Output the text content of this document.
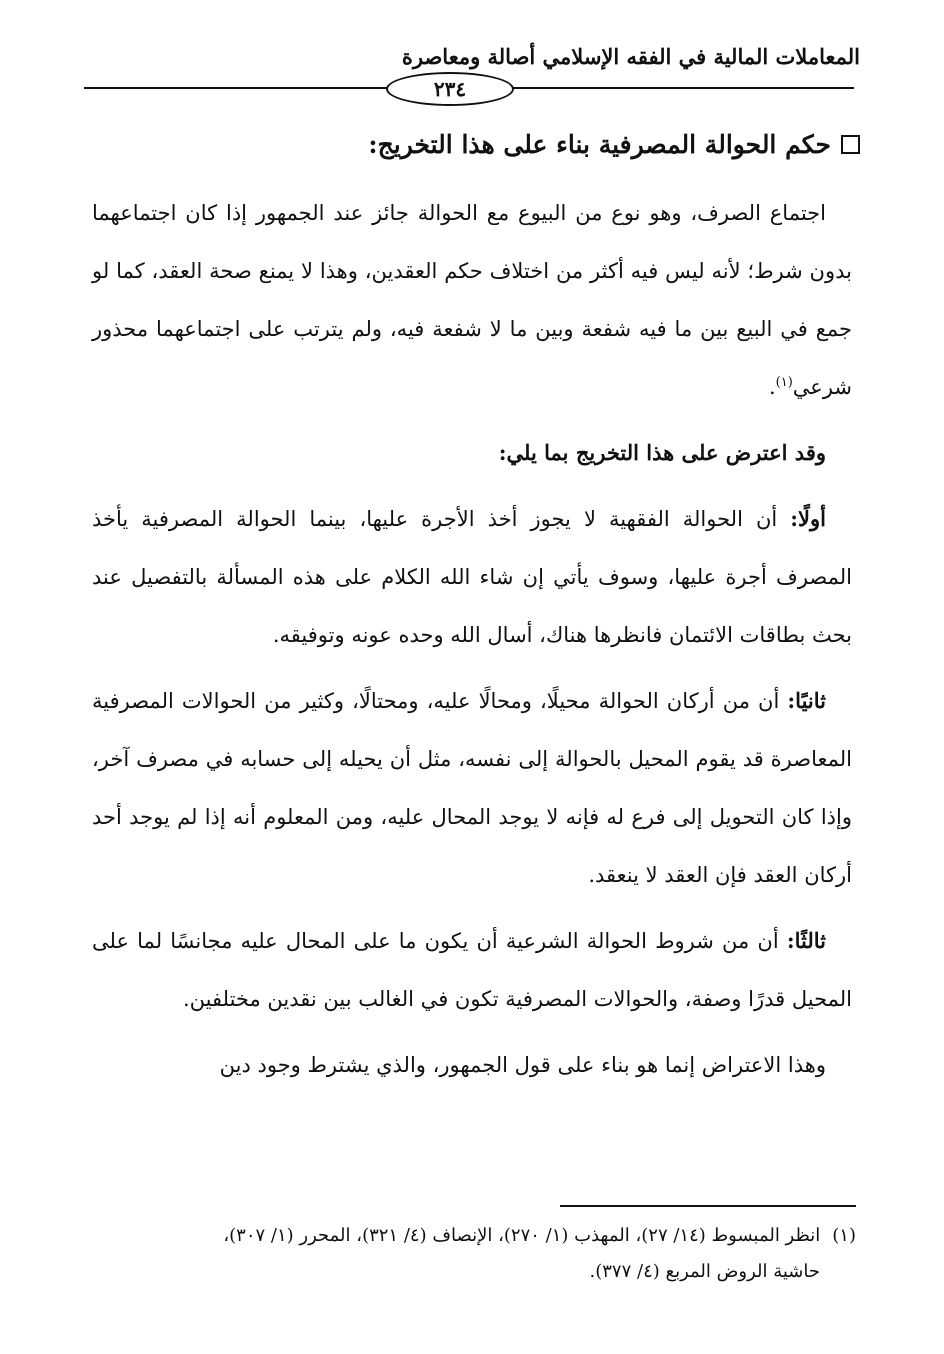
المعاملات المالية في الفقه الإسلامي أصالة ومعاصرة
٢٣٤
حكم الحوالة المصرفية بناء على هذا التخريج:

اجتماع الصرف، وهو نوع من البيوع مع الحوالة جائز عند الجمهور إذا كان اجتماعهما بدون شرط؛ لأنه ليس فيه أكثر من اختلاف حكم العقدين، وهذا لا يمنع صحة العقد، كما لو جمع في البيع بين ما فيه شفعة وبين ما لا شفعة فيه، ولم يترتب على اجتماعهما محذور شرعي$^{(١)}$.

وقد اعترض على هذا التخريج بما يلي:

أولًا: أن الحوالة الفقهية لا يجوز أخذ الأجرة عليها، بينما الحوالة المصرفية يأخذ المصرف أجرة عليها، وسوف يأتي إن شاء الله الكلام على هذه المسألة بالتفصيل عند بحث بطاقات الائتمان فانظرها هناك، أسال الله وحده عونه وتوفيقه.

ثانيًا: أن من أركان الحوالة محيلًا، ومحالًا عليه، ومحتالًا، وكثير من الحوالات المصرفية المعاصرة قد يقوم المحيل بالحوالة إلى نفسه، مثل أن يحيله إلى حسابه في مصرف آخر، وإذا كان التحويل إلى فرع له فإنه لا يوجد المحال عليه، ومن المعلوم أنه إذا لم يوجد أحد أركان العقد فإن العقد لا ينعقد.

ثالثًا: أن من شروط الحوالة الشرعية أن يكون ما على المحال عليه مجانسًا لما على المحيل قدرًا وصفة، والحوالات المصرفية تكون في الغالب بين نقدين مختلفين.

وهذا الاعتراض إنما هو بناء على قول الجمهور، والذي يشترط وجود دين

(١)انظر المبسوط (١٤/ ٢٧)، المهذب (١/ ٢٧٠)، الإنصاف (٤/ ٣٢١)، المحرر (١/ ٣٠٧)،
حاشية الروض المربع (٤/ ٣٧٧).
